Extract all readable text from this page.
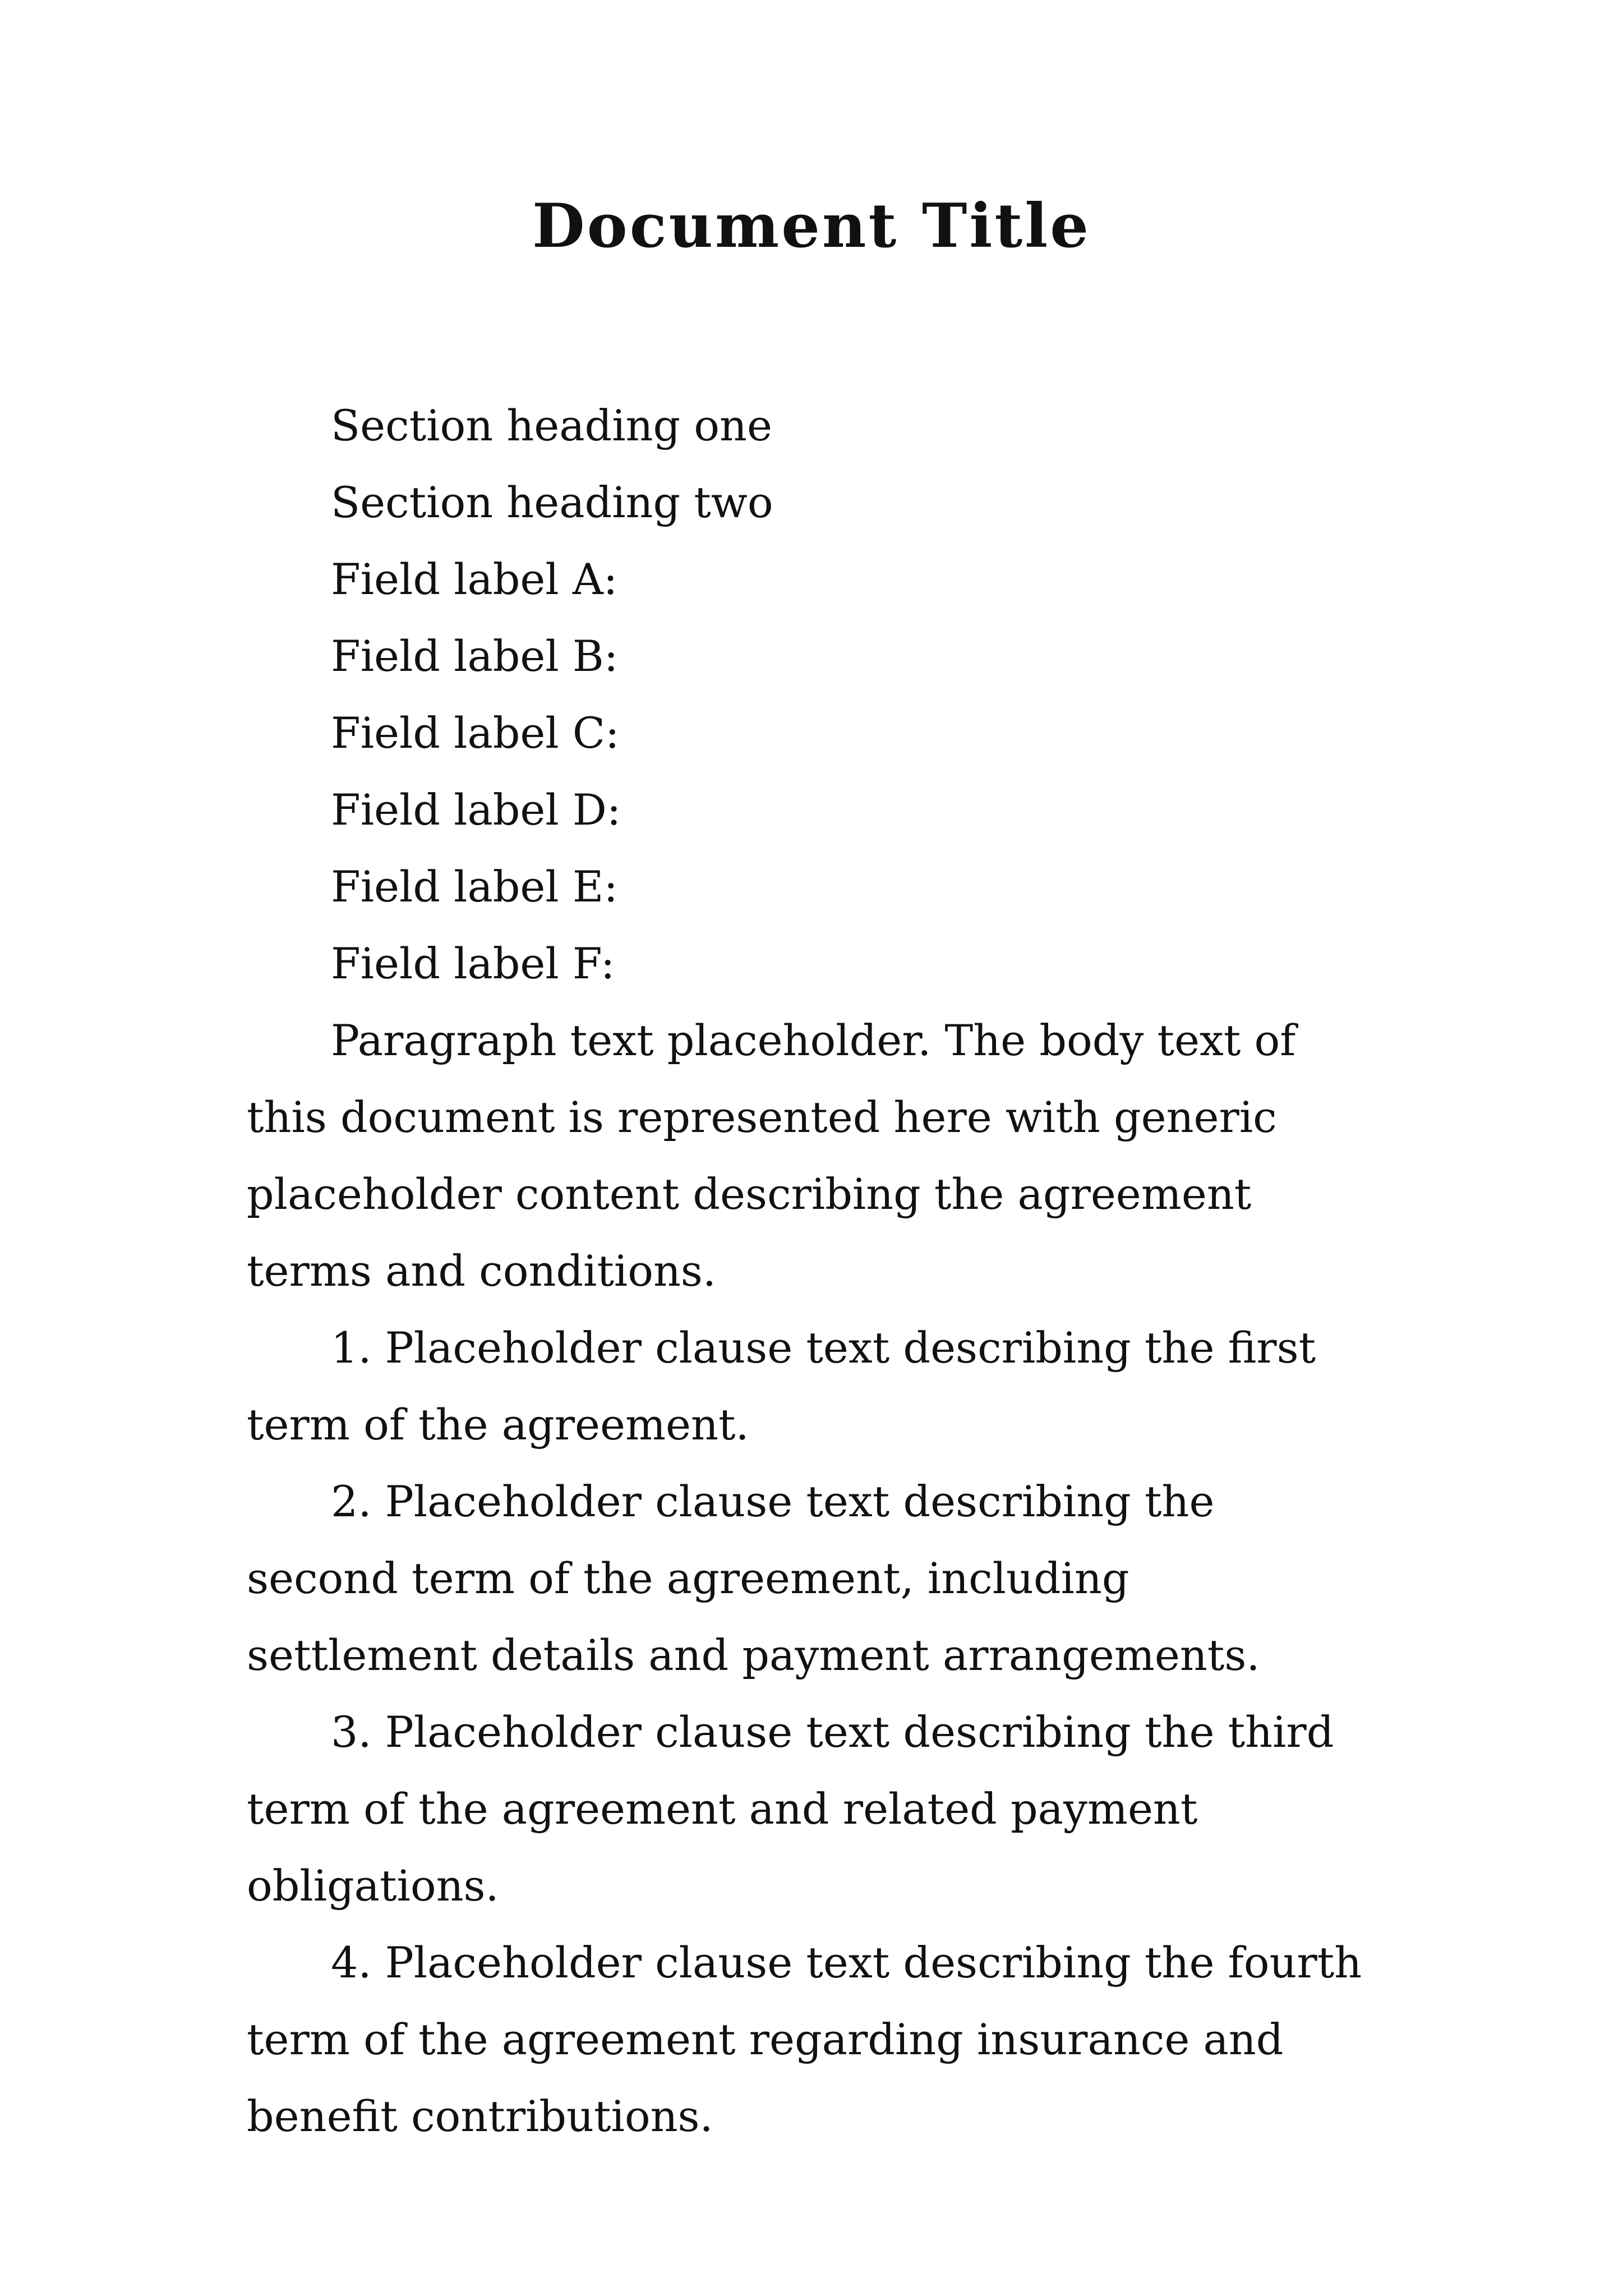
Document Title
Section heading one
Section heading two
Field label A:
Field label B:
Field label C:
Field label D:
Field label E:
Field label F:
Paragraph text placeholder. The body text of this document is represented here with generic placeholder content describing the agreement terms and conditions.
1. Placeholder clause text describing the first term of the agreement.
2. Placeholder clause text describing the second term of the agreement, including settlement details and payment arrangements.
3. Placeholder clause text describing the third term of the agreement and related payment obligations.
4. Placeholder clause text describing the fourth term of the agreement regarding insurance and benefit contributions.
